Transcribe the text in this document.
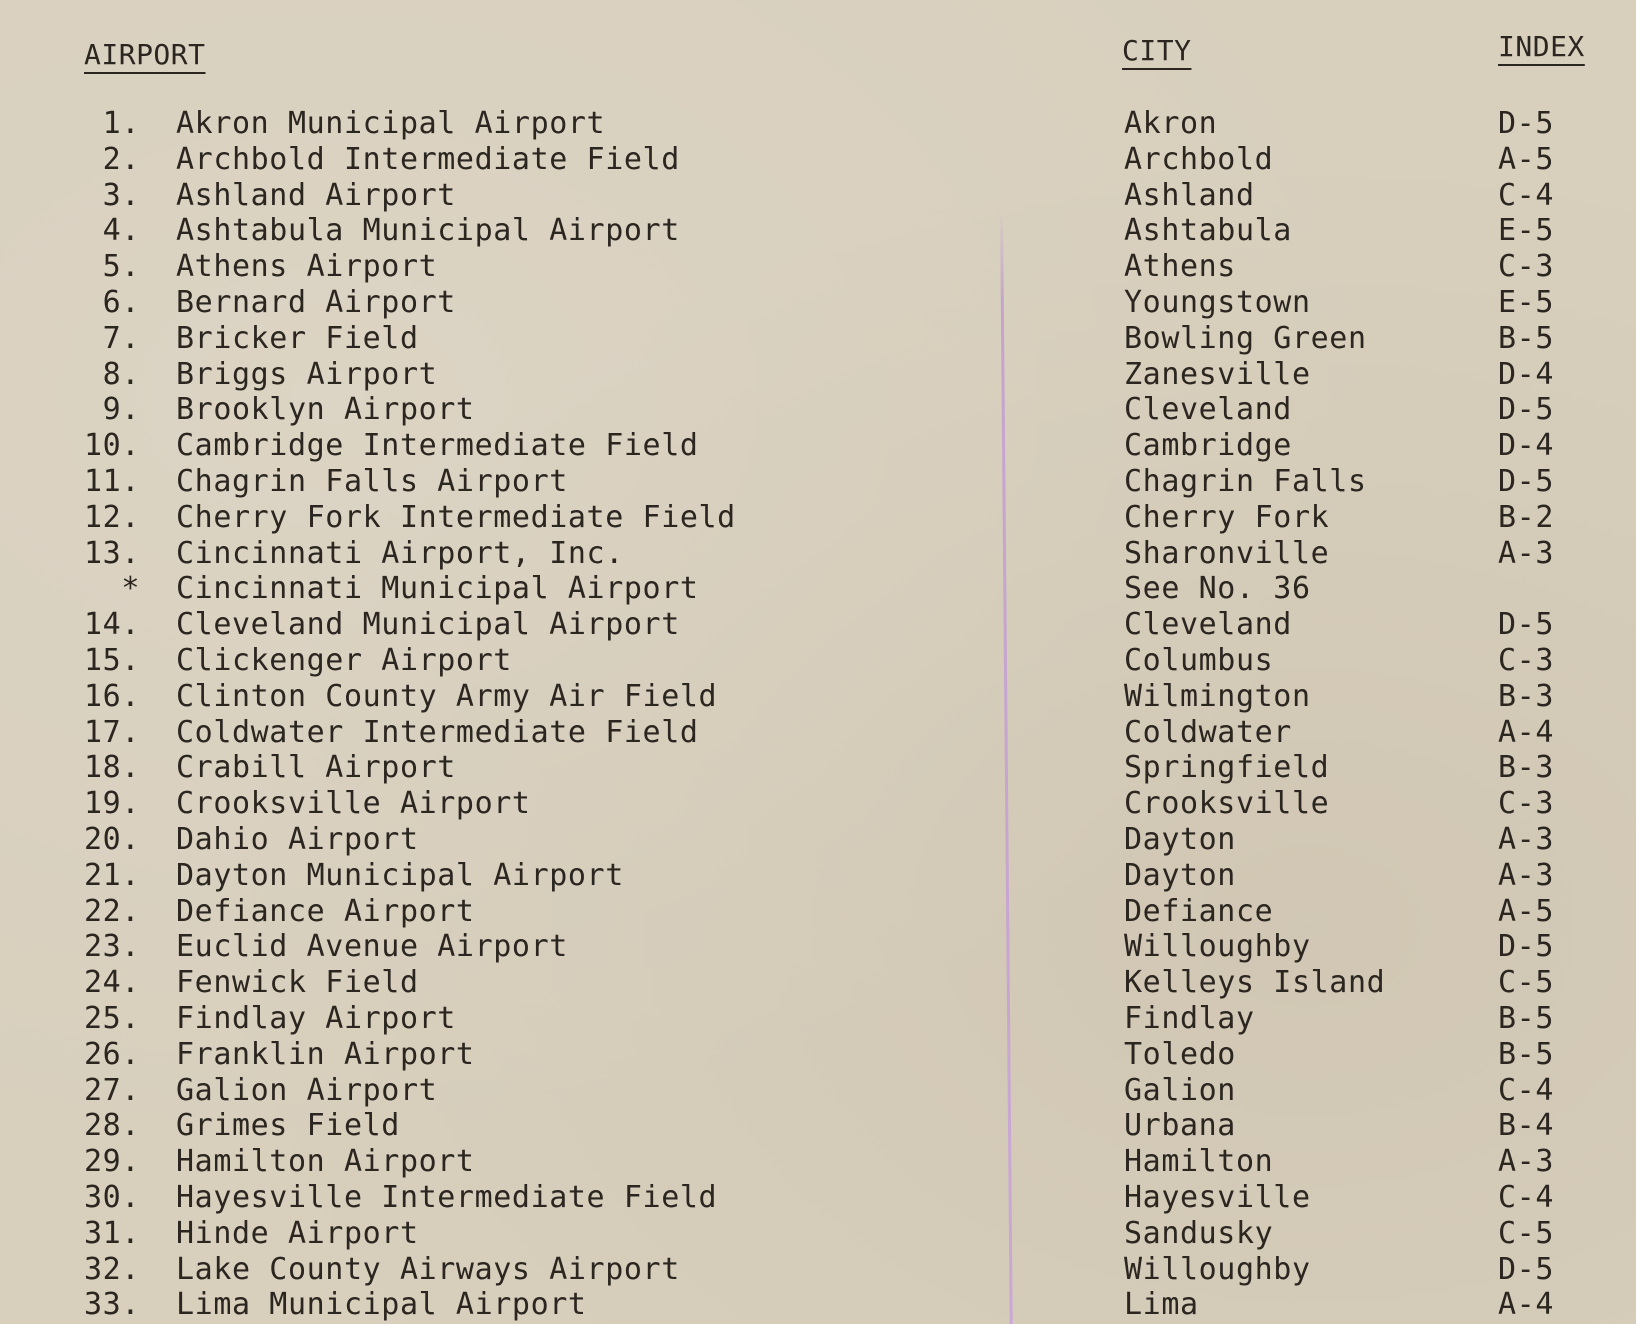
AIRPORT	CITY	INDEX
1. Akron Municipal Airport	Akron	D-5
2. Archbold Intermediate Field	Archbold	A-5
3. Ashland Airport	Ashland	C-4
4. Ashtabula Municipal Airport	Ashtabula	E-5
5. Athens Airport	Athens	C-3
6. Bernard Airport	Youngstown	E-5
7. Bricker Field	Bowling Green	B-5
8. Briggs Airport	Zanesville	D-4
9. Brooklyn Airport	Cleveland	D-5
10. Cambridge Intermediate Field	Cambridge	D-4
11. Chagrin Falls Airport	Chagrin Falls	D-5
12. Cherry Fork Intermediate Field	Cherry Fork	B-2
13. Cincinnati Airport, Inc.	Sharonville	A-3
* Cincinnati Municipal Airport	See No. 36
14. Cleveland Municipal Airport	Cleveland	D-5
15. Clickenger Airport	Columbus	C-3
16. Clinton County Army Air Field	Wilmington	B-3
17. Coldwater Intermediate Field	Coldwater	A-4
18. Crabill Airport	Springfield	B-3
19. Crooksville Airport	Crooksville	C-3
20. Dahio Airport	Dayton	A-3
21. Dayton Municipal Airport	Dayton	A-3
22. Defiance Airport	Defiance	A-5
23. Euclid Avenue Airport	Willoughby	D-5
24. Fenwick Field	Kelleys Island	C-5
25. Findlay Airport	Findlay	B-5
26. Franklin Airport	Toledo	B-5
27. Galion Airport	Galion	C-4
28. Grimes Field	Urbana	B-4
29. Hamilton Airport	Hamilton	A-3
30. Hayesville Intermediate Field	Hayesville	C-4
31. Hinde Airport	Sandusky	C-5
32. Lake County Airways Airport	Willoughby	D-5
33. Lima Municipal Airport	Lima	A-4
